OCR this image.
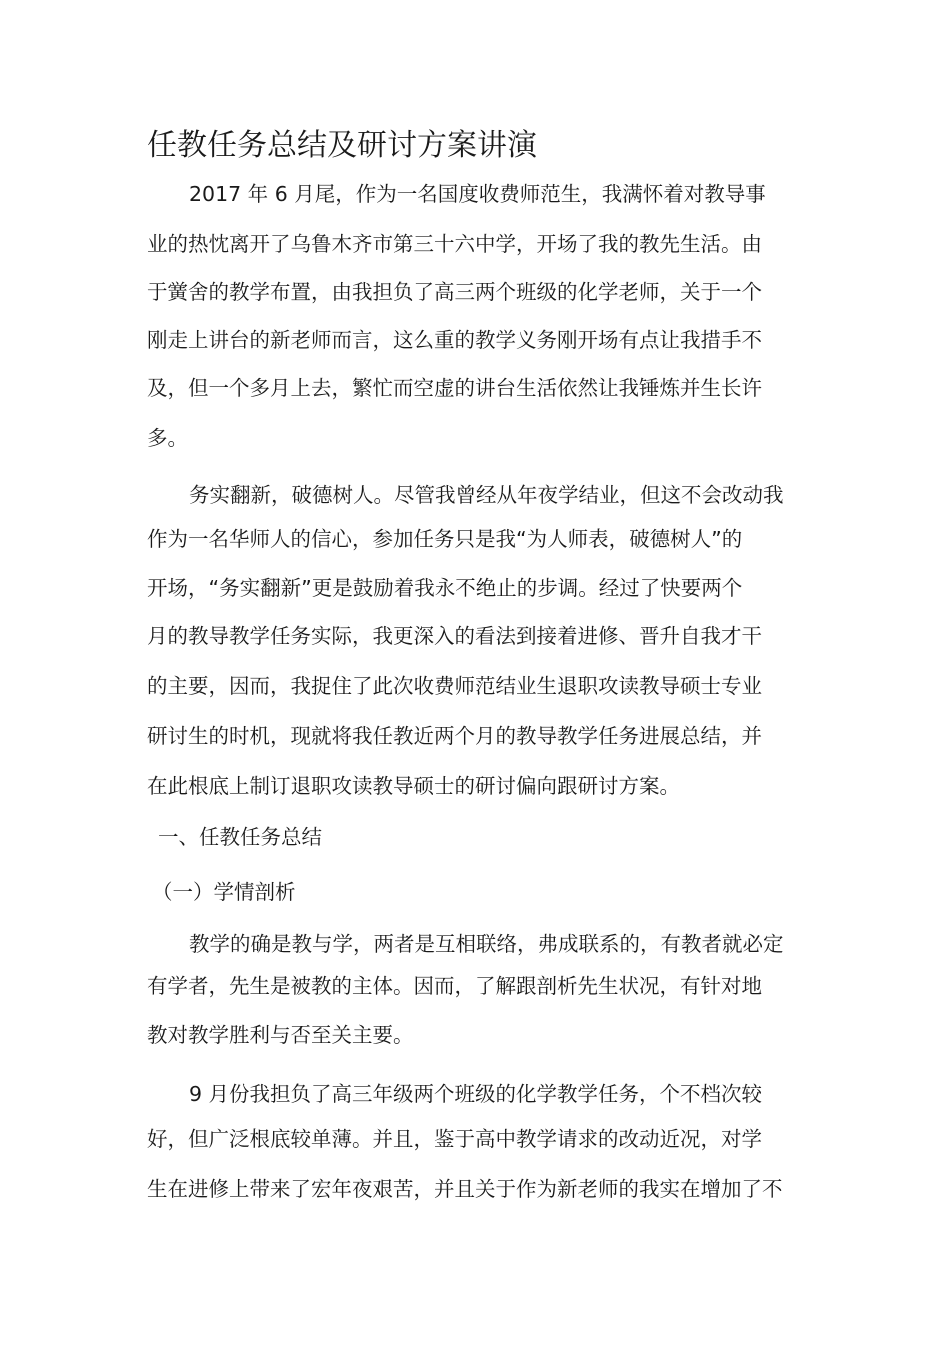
任教任务总结及研讨方案讲演
2017 年 6 月尾，作为一名国度收费师范生，我满怀着对教导事
业的热忱离开了乌鲁木齐市第三十六中学，开场了我的教先生活。由
于黉舍的教学布置，由我担负了高三两个班级的化学老师，关于一个
刚走上讲台的新老师而言，这么重的教学义务刚开场有点让我措手不
及，但一个多月上去，繁忙而空虚的讲台生活依然让我锤炼并生长许
多。
务实翻新，破德树人。尽管我曾经从年夜学结业，但这不会改动我
作为一名华师人的信心，参加任务只是我“为人师表，破德树人”的
开场，“务实翻新”更是鼓励着我永不绝止的步调。经过了快要两个
月的教导教学任务实际，我更深入的看法到接着进修、晋升自我才干
的主要，因而，我捉住了此次收费师范结业生退职攻读教导硕士专业
研讨生的时机，现就将我任教近两个月的教导教学任务进展总结，并
在此根底上制订退职攻读教导硕士的研讨偏向跟研讨方案。
一、任教任务总结
（一）学情剖析
教学的确是教与学，两者是互相联络，弗成联系的，有教者就必定
有学者，先生是被教的主体。因而，了解跟剖析先生状况，有针对地
教对教学胜利与否至关主要。
9 月份我担负了高三年级两个班级的化学教学任务，个不档次较
好，但广泛根底较单薄。并且，鉴于高中教学请求的改动近况，对学
生在进修上带来了宏年夜艰苦，并且关于作为新老师的我实在增加了不
